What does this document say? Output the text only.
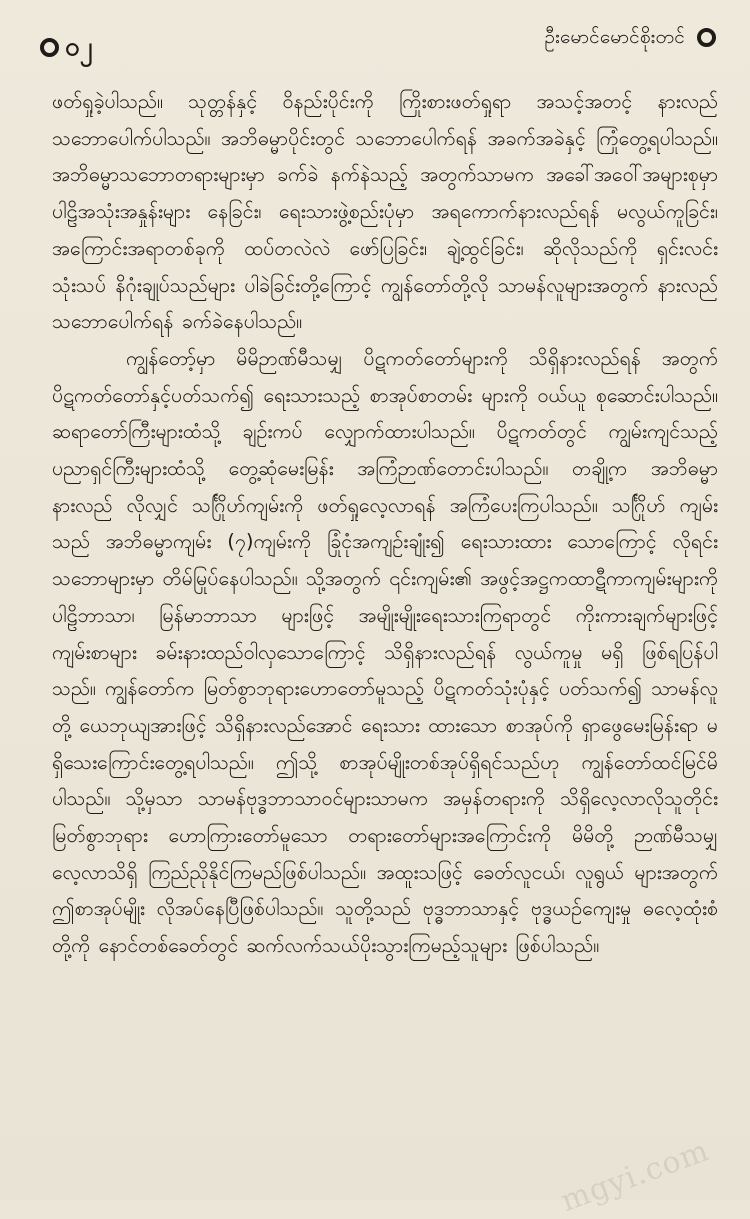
၀၂	ဦးမောင်မောင်စိုးတင်

ဖတ်ရှုခဲ့ပါသည်။ သုတ္တန်နှင့် ဝိနည်းပိုင်းကို ကြိုးစားဖတ်ရှုရာ အသင့်အတင့် နားလည် သဘောပေါက်ပါသည်။ အဘိဓမ္မာပိုင်းတွင် သဘောပေါက်ရန် အခက်အခဲနှင့် ကြုံတွေ့ရပါသည်။ အဘိဓမ္မာသဘောတရားများမှာ ခက်ခဲ နက်နဲသည့် အတွက်သာမက အခေါ်အဝေါ်အများစုမှာ ပါဠိအသုံးအနှုန်းများ နေခြင်း၊ ရေးသားဖွဲ့စည်းပုံမှာ အရကောက်နားလည်ရန် မလွယ်ကူခြင်း၊ အကြောင်းအရာတစ်ခုကို ထပ်တလဲလဲ ဖော်ပြခြင်း၊ ချဲ့ထွင်ခြင်း၊ ဆိုလိုသည်ကို ရှင်းလင်း သုံးသပ် နိဂုံးချုပ်သည်များ ပါခဲခြင်းတို့ကြောင့် ကျွန်တော်တို့လို သာမန်လူများအတွက် နားလည်သဘောပေါက်ရန် ခက်ခဲနေပါသည်။

ကျွန်တော့်မှာ မိမိဉာဏ်မီသမျှ ပိဋကတ်တော်များကို သိရှိနားလည်ရန် အတွက် ပိဋကတ်တော်နှင့်ပတ်သက်၍ ရေးသားသည့် စာအုပ်စာတမ်း များကို ဝယ်ယူ စုဆောင်းပါသည်။ ဆရာတော်ကြီးများထံသို့ ချဉ်းကပ် လျှောက်ထားပါသည်။ ပိဋကတ်တွင် ကျွမ်းကျင်သည့် ပညာရှင်ကြီးများထံသို့ တွေ့ဆုံမေးမြန်း အကြံဉာဏ်တောင်းပါသည်။ တချို့က အဘိဓမ္မာ နားလည် လိုလျှင် သင်္ဂြိုဟ်ကျမ်းကို ဖတ်ရှုလေ့လာရန် အကြံပေးကြပါသည်။ သင်္ဂြိုဟ် ကျမ်းသည် အဘိဓမ္မာကျမ်း (၇)ကျမ်းကို ခြုံငုံအကျဉ်းချုံး၍ ရေးသားထား သောကြောင့် လိုရင်းသဘောများမှာ တိမ်မြုပ်နေပါသည်။ သို့အတွက် ၎င်းကျမ်း၏ အဖွင့်အဋ္ဌကထာဋီကာကျမ်းများကို ပါဠိဘာသာ၊ မြန်မာဘာသာ များဖြင့် အမျိုးမျိုးရေးသားကြရာတွင် ကိုးကားချက်များဖြင့် ကျမ်းစာများ ခမ်းနားထည်ဝါလှသောကြောင့် သိရှိနားလည်ရန် လွယ်ကူမှု မရှိ ဖြစ်ရပြန်ပါ သည်။ ကျွန်တော်က မြတ်စွာဘုရားဟောတော်မူသည့် ပိဋကတ်သုံးပုံနှင့် ပတ်သက်၍ သာမန်လူတို့ ယေဘုယျအားဖြင့် သိရှိနားလည်အောင် ရေးသား ထားသော စာအုပ်ကို ရှာဖွေမေးမြန်းရာ မရှိသေးကြောင်းတွေ့ရပါသည်။ ဤသို့ စာအုပ်မျိုးတစ်အုပ်ရှိရင်သည်ဟု ကျွန်တော်ထင်မြင်မိပါသည်။ သို့မှသာ သာမန်ဗုဒ္ဓဘာသာဝင်များသာမက အမှန်တရားကို သိရှိလေ့လာလိုသူတိုင်း မြတ်စွာဘုရား ဟောကြားတော်မူသော တရားတော်များအကြောင်းကို မိမိတို့ ဉာဏ်မီသမျှ လေ့လာသိရှိ ကြည်ညိုနိုင်ကြမည်ဖြစ်ပါသည်။ အထူးသဖြင့် ခေတ်လူငယ်၊ လူရွယ် များအတွက် ဤစာအုပ်မျိုး လိုအပ်နေပြီဖြစ်ပါသည်။ သူတို့သည် ဗုဒ္ဓဘာသာနှင့် ဗုဒ္ဓယဉ်ကျေးမှု ဓလေ့ထုံးစံတို့ကို နောင်တစ်ခေတ်တွင် ဆက်လက်သယ်ပိုးသွားကြမည့်သူများ ဖြစ်ပါသည်။

mgyi.com
